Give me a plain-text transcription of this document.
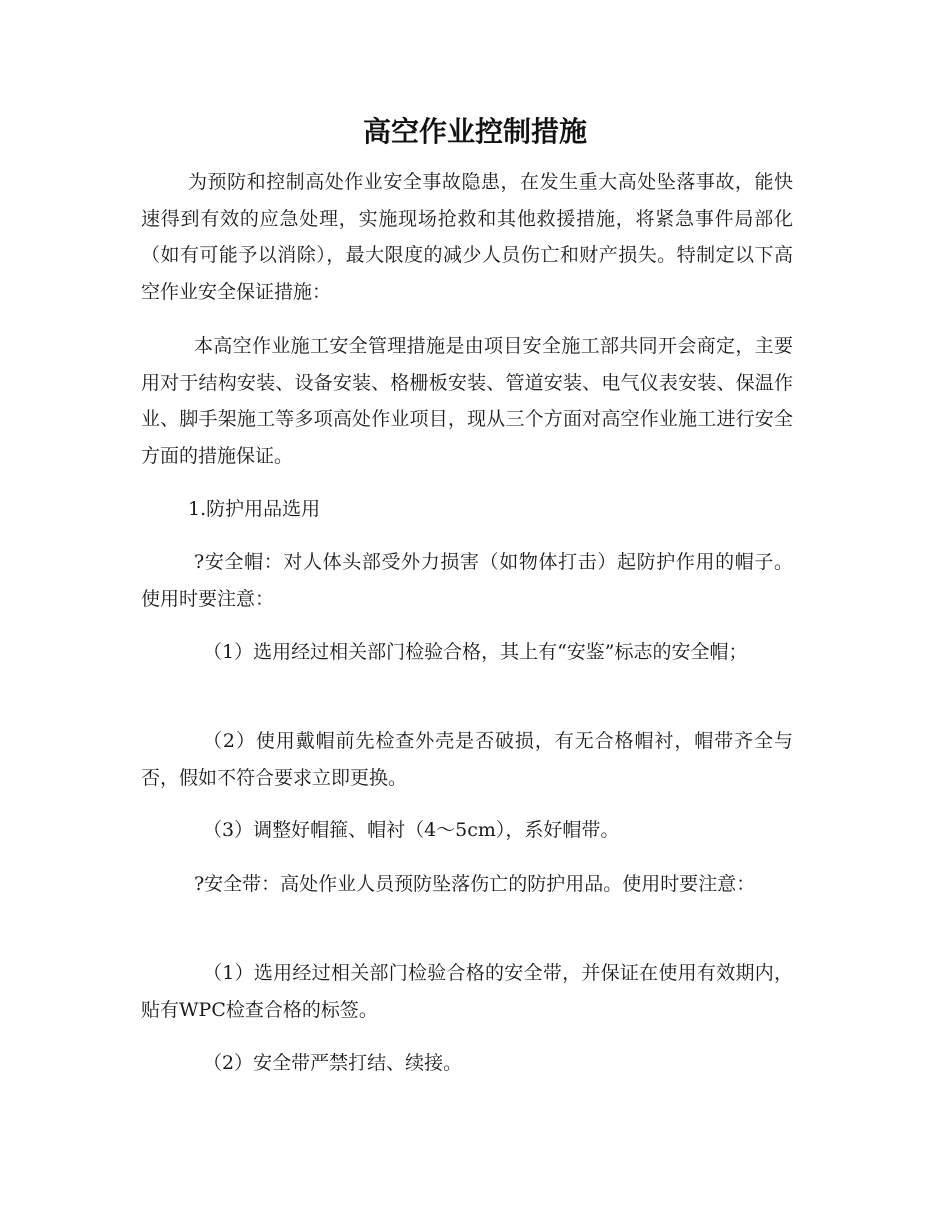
高空作业控制措施

为预防和控制高处作业安全事故隐患，在发生重大高处坠落事故，能快速得到有效的应急处理，实施现场抢救和其他救援措施，将紧急事件局部化（如有可能予以消除），最大限度的减少人员伤亡和财产损失。特制定以下高空作业安全保证措施：

本高空作业施工安全管理措施是由项目安全施工部共同开会商定，主要用对于结构安装、设备安装、格栅板安装、管道安装、电气仪表安装、保温作业、脚手架施工等多项高处作业项目，现从三个方面对高空作业施工进行安全方面的措施保证。

1.防护用品选用

?安全帽：对人体头部受外力损害（如物体打击）起防护作用的帽子。使用时要注意：

（1）选用经过相关部门检验合格，其上有“安鉴”标志的安全帽；

（2）使用戴帽前先检查外壳是否破损，有无合格帽衬，帽带齐全与否，假如不符合要求立即更换。

（3）调整好帽箍、帽衬（4～5cm），系好帽带。

?安全带：高处作业人员预防坠落伤亡的防护用品。使用时要注意：

（1）选用经过相关部门检验合格的安全带，并保证在使用有效期内，贴有WPC检查合格的标签。

（2）安全带严禁打结、续接。
